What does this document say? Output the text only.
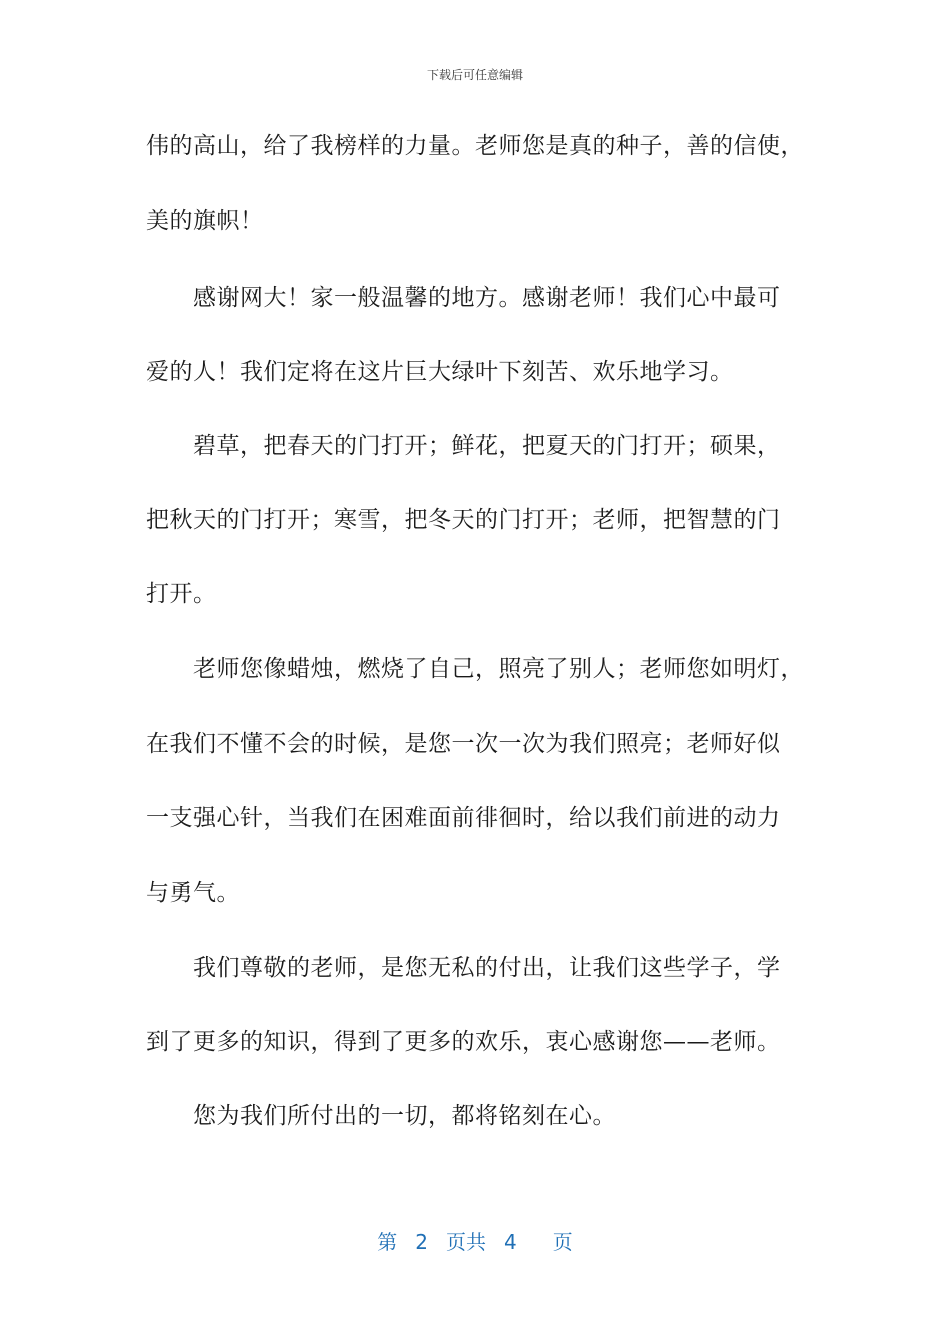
下载后可任意编辑
伟的高山，给了我榜样的力量。老师您是真的种子，善的信使，
美的旗帜！
感谢网大！家一般温馨的地方。感谢老师！我们心中最可
爱的人！我们定将在这片巨大绿叶下刻苦、欢乐地学习。
碧草，把春天的门打开；鲜花，把夏天的门打开；硕果，
把秋天的门打开；寒雪，把冬天的门打开；老师，把智慧的门
打开。
老师您像蜡烛，燃烧了自己，照亮了别人；老师您如明灯，
在我们不懂不会的时候，是您一次一次为我们照亮；老师好似
一支强心针，当我们在困难面前徘徊时，给以我们前进的动力
与勇气。
我们尊敬的老师，是您无私的付出，让我们这些学子，学
到了更多的知识，得到了更多的欢乐，衷心感谢您——老师。
您为我们所付出的一切，都将铭刻在心。
第 2 页共 4 页
